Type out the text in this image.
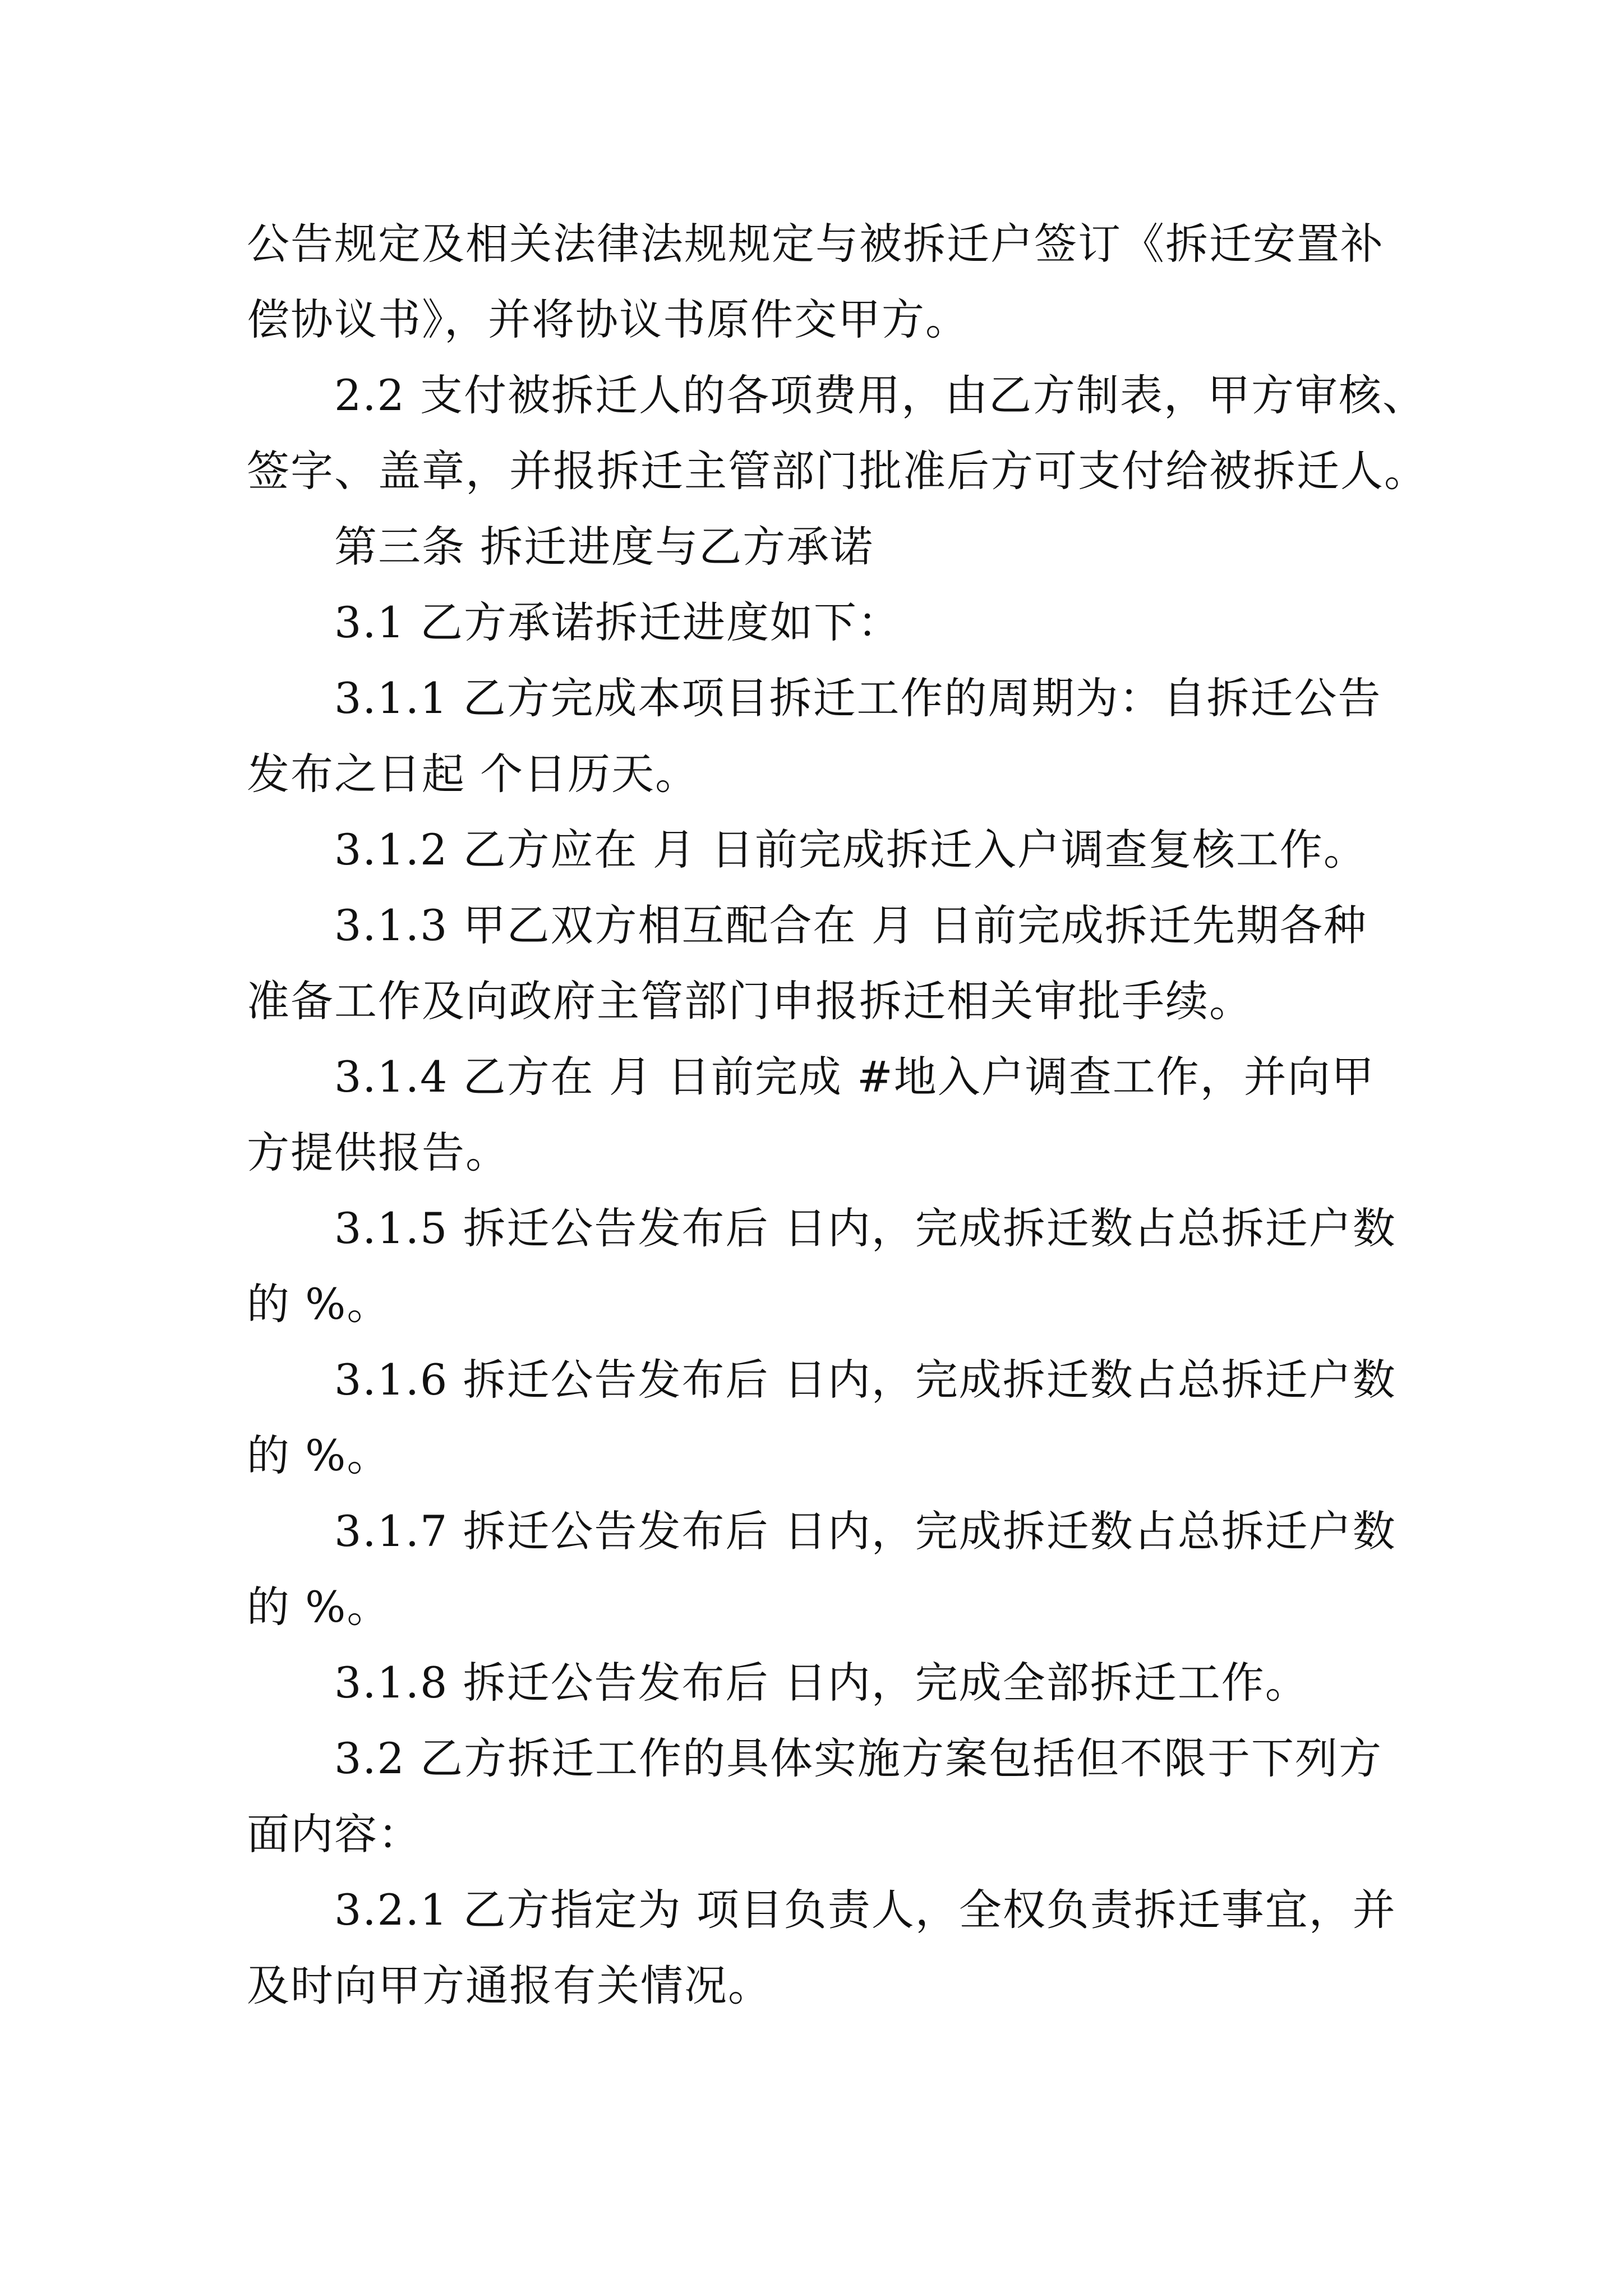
公告规定及相关法律法规规定与被拆迁户签订《拆迁安置补
偿协议书》，并将协议书原件交甲方。
2.2 支付被拆迁人的各项费用，由乙方制表，甲方审核、
签字、盖章，并报拆迁主管部门批准后方可支付给被拆迁人。
第三条 拆迁进度与乙方承诺
3.1 乙方承诺拆迁进度如下：
3.1.1 乙方完成本项目拆迁工作的周期为：自拆迁公告
发布之日起 个日历天。
3.1.2 乙方应在 月 日前完成拆迁入户调查复核工作。
3.1.3 甲乙双方相互配合在 月 日前完成拆迁先期各种
准备工作及向政府主管部门申报拆迁相关审批手续。
3.1.4 乙方在 月 日前完成 #地入户调查工作，并向甲
方提供报告。
3.1.5 拆迁公告发布后 日内，完成拆迁数占总拆迁户数
的 %。
3.1.6 拆迁公告发布后 日内，完成拆迁数占总拆迁户数
的 %。
3.1.7 拆迁公告发布后 日内，完成拆迁数占总拆迁户数
的 %。
3.1.8 拆迁公告发布后 日内，完成全部拆迁工作。
3.2 乙方拆迁工作的具体实施方案包括但不限于下列方
面内容：
3.2.1 乙方指定为 项目负责人，全权负责拆迁事宜，并
及时向甲方通报有关情况。
